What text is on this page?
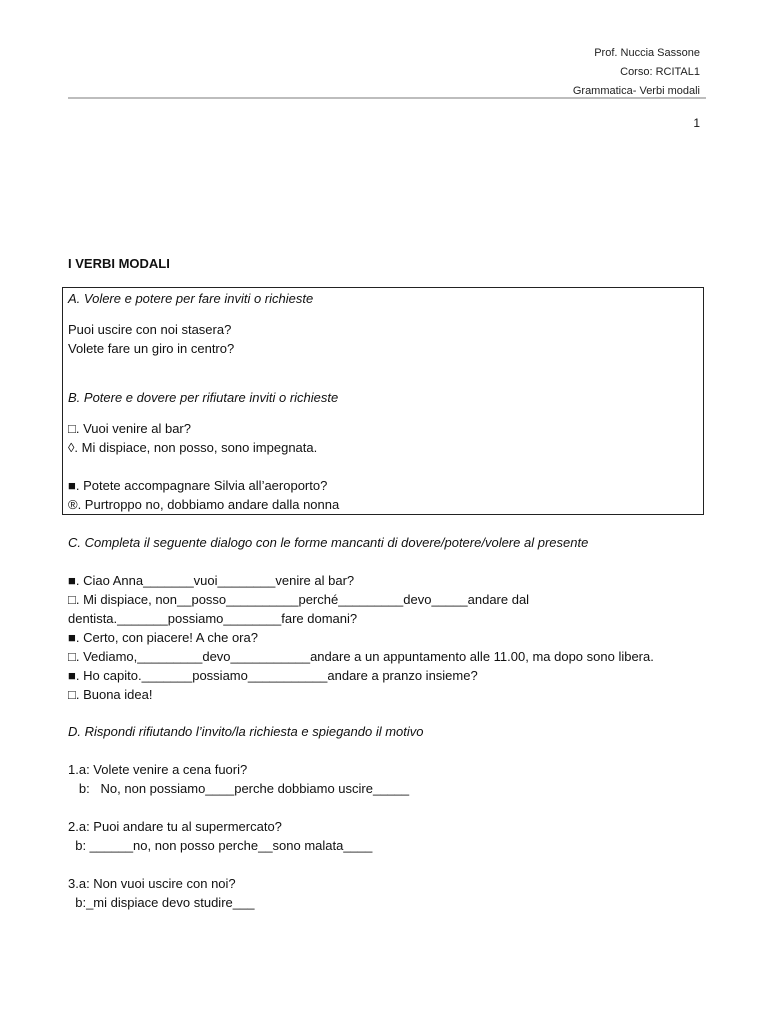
Prof. Nuccia Sassone
Corso: RCITAL1
Grammatica- Verbi modali
1
I VERBI MODALI
A. Volere e potere per fare inviti o richieste
Puoi uscire con noi stasera?
Volete fare un giro in centro?
B. Potere e dovere per rifiutare inviti o richieste
□. Vuoi venire al bar?
◊. Mi dispiace, non posso, sono impegnata.
■. Potete accompagnare Silvia all’aeroporto?
®. Purtroppo no, dobbiamo andare dalla nonna
C. Completa il seguente dialogo con le forme mancanti di dovere/potere/volere al presente
■. Ciao Anna_______vuoi________venire al bar?
□. Mi dispiace, non__posso__________perché_________devo_____andare dal
dentista._______possiamo________fare domani?
■. Certo, con piacere! A che ora?
□. Vediamo,_________devo___________andare a un appuntamento alle 11.00, ma dopo sono libera.
■. Ho capito._______possiamo___________andare a pranzo insieme?
□. Buona idea!
D. Rispondi rifiutando l’invito/la richiesta e spiegando il motivo
1.a: Volete venire a cena fuori?
b:   No, non possiamo____perche dobbiamo uscire_____
2.a: Puoi andare tu al supermercato?
b: ______no, non posso perche__sono malata____
3.a: Non vuoi uscire con noi?
b:_mi dispiace devo studire___
